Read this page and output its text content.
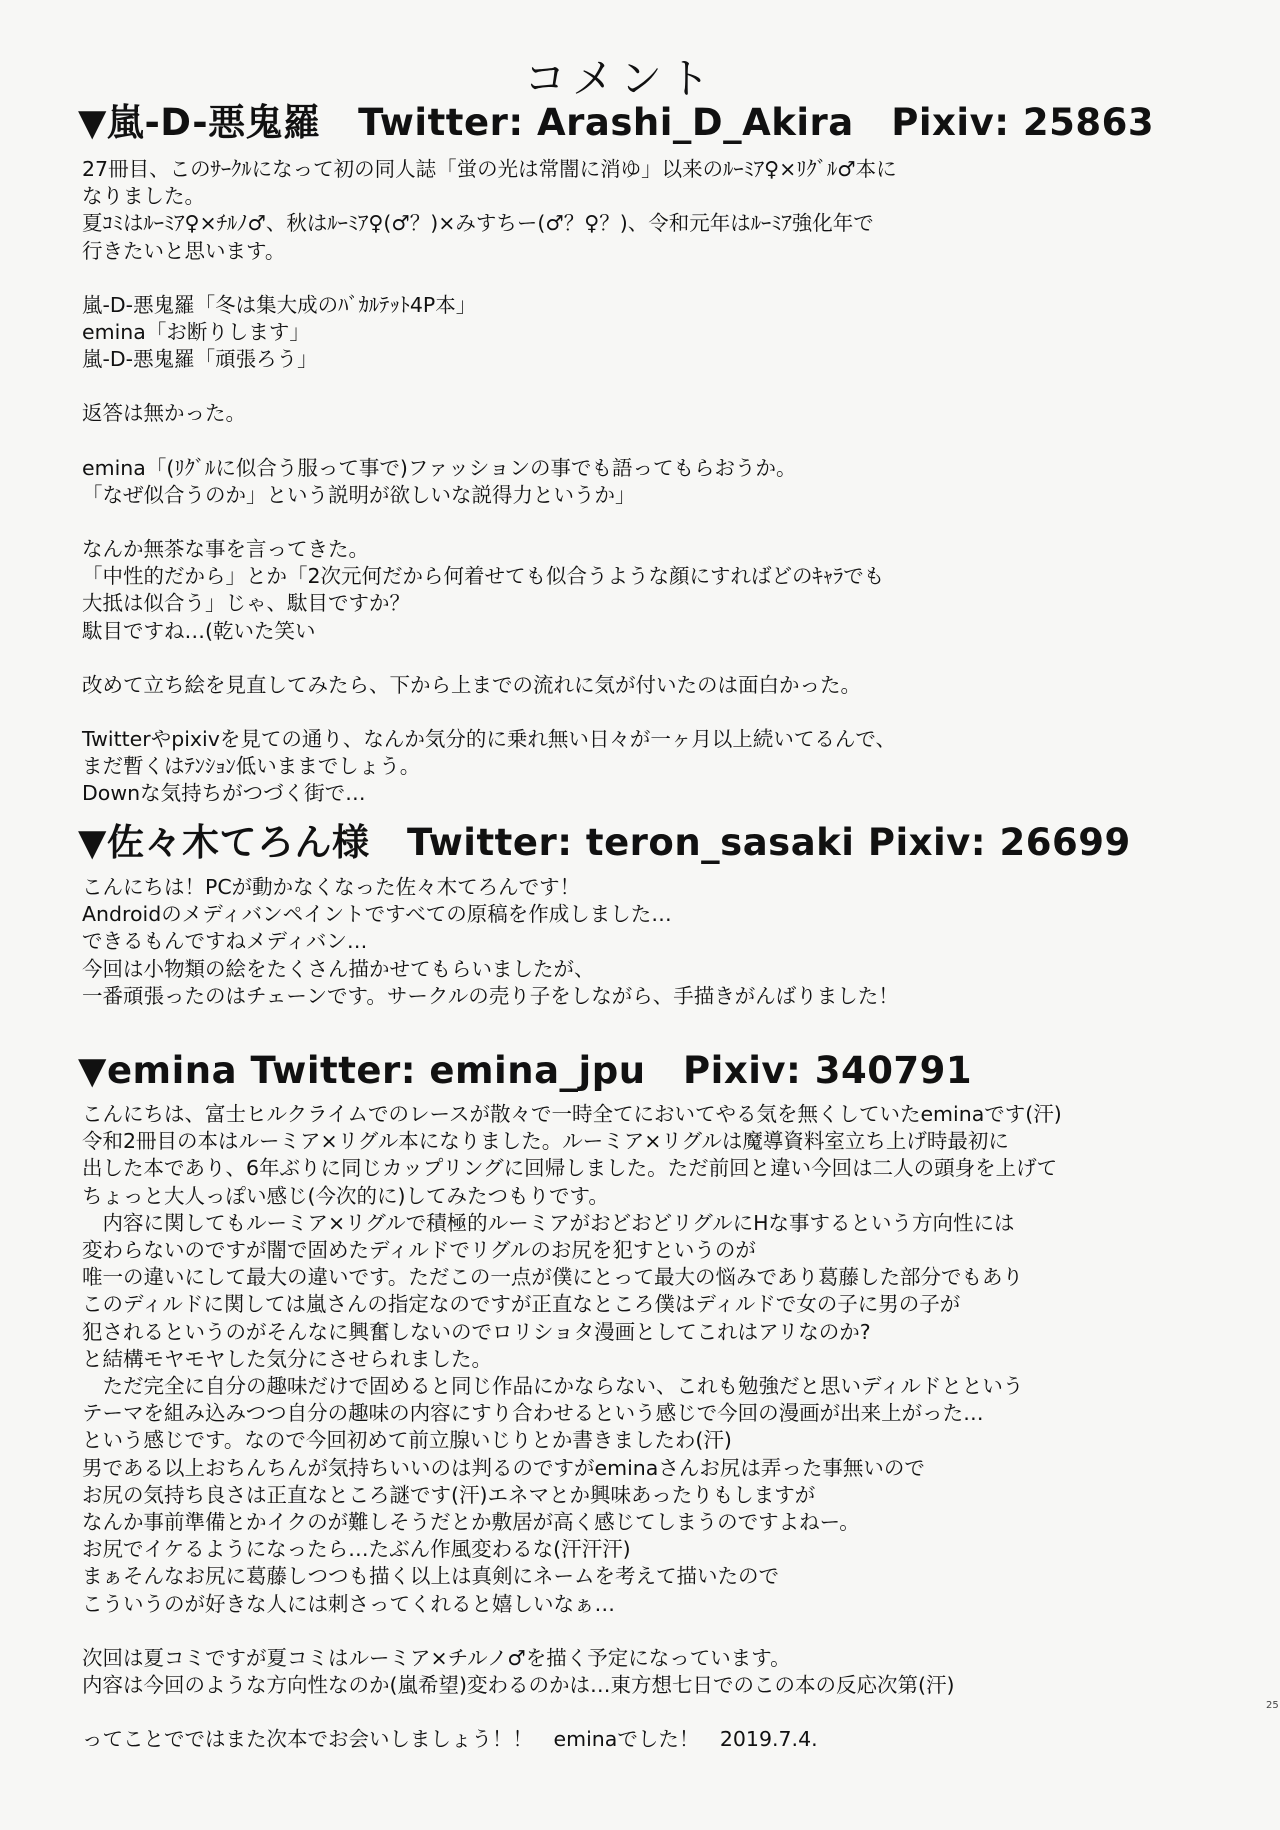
コメント
▼嵐-D-悪鬼羅　Twitter: Arashi_D_Akira　Pixiv: 25863
27冊目、このｻｰｸﾙになって初の同人誌「蛍の光は常闇に消ゆ」以来のﾙｰﾐｱ♀×ﾘｸﾞﾙ♂本に
なりました。
夏ｺﾐはﾙｰﾐｱ♀×ﾁﾙﾉ♂、秋はﾙｰﾐｱ♀(♂？)×みすちー(♂？♀？)、令和元年はﾙｰﾐｱ強化年で
行きたいと思います。
嵐-D-悪鬼羅「冬は集大成のﾊﾞｶﾙﾃｯﾄ4P本」
emina「お断りします」
嵐-D-悪鬼羅「頑張ろう」
返答は無かった。
emina「(ﾘｸﾞﾙに似合う服って事で)ファッションの事でも語ってもらおうか。
「なぜ似合うのか」という説明が欲しいな説得力というか」
なんか無茶な事を言ってきた。
「中性的だから」とか「2次元何だから何着せても似合うような顔にすればどのｷｬﾗでも
大抵は似合う」じゃ、駄目ですか？
駄目ですね…(乾いた笑い
改めて立ち絵を見直してみたら、下から上までの流れに気が付いたのは面白かった。
Twitterやpixivを見ての通り、なんか気分的に乗れ無い日々が一ヶ月以上続いてるんで、
まだ暫くはﾃﾝｼｮﾝ低いままでしょう。
Downな気持ちがつづく街で…
▼佐々木てろん様　Twitter: teron_sasaki Pixiv: 26699
こんにちは！PCが動かなくなった佐々木てろんです！
Androidのメディバンペイントですべての原稿を作成しました…
できるもんですねメディバン…
今回は小物類の絵をたくさん描かせてもらいましたが、
一番頑張ったのはチェーンです。サークルの売り子をしながら、手描きがんばりました！
▼emina Twitter: emina_jpu　Pixiv: 340791
こんにちは、富士ヒルクライムでのレースが散々で一時全てにおいてやる気を無くしていたeminaです(汗)
令和2冊目の本はルーミア×リグル本になりました。ルーミア×リグルは魔導資料室立ち上げ時最初に
出した本であり、6年ぶりに同じカップリングに回帰しました。ただ前回と違い今回は二人の頭身を上げて
ちょっと大人っぽい感じ(今次的に)してみたつもりです。
　内容に関してもルーミア×リグルで積極的ルーミアがおどおどリグルにHな事するという方向性には
変わらないのですが闇で固めたディルドでリグルのお尻を犯すというのが
唯一の違いにして最大の違いです。ただこの一点が僕にとって最大の悩みであり葛藤した部分でもあり
このディルドに関しては嵐さんの指定なのですが正直なところ僕はディルドで女の子に男の子が
犯されるというのがそんなに興奮しないのでロリショタ漫画としてこれはアリなのか?
と結構モヤモヤした気分にさせられました。
　ただ完全に自分の趣味だけで固めると同じ作品にかならない、これも勉強だと思いディルドとという
テーマを組み込みつつ自分の趣味の内容にすり合わせるという感じで今回の漫画が出来上がった…
という感じです。なので今回初めて前立腺いじりとか書きましたわ(汗)
男である以上おちんちんが気持ちいいのは判るのですがeminaさんお尻は弄った事無いので
お尻の気持ち良さは正直なところ謎です(汗)エネマとか興味あったりもしますが
なんか事前準備とかイクのが難しそうだとか敷居が高く感じてしまうのですよねー。
お尻でイケるようになったら…たぶん作風変わるな(汗汗汗)
まぁそんなお尻に葛藤しつつも描く以上は真剣にネームを考えて描いたので
こういうのが好きな人には刺さってくれると嬉しいなぁ…
次回は夏コミですが夏コミはルーミア×チルノ♂を描く予定になっています。
内容は今回のような方向性なのか(嵐希望)変わるのかは…東方想七日でのこの本の反応次第(汗)
ってことでではまた次本でお会いしましょう！！　eminaでした！　2019.7.4.
25
